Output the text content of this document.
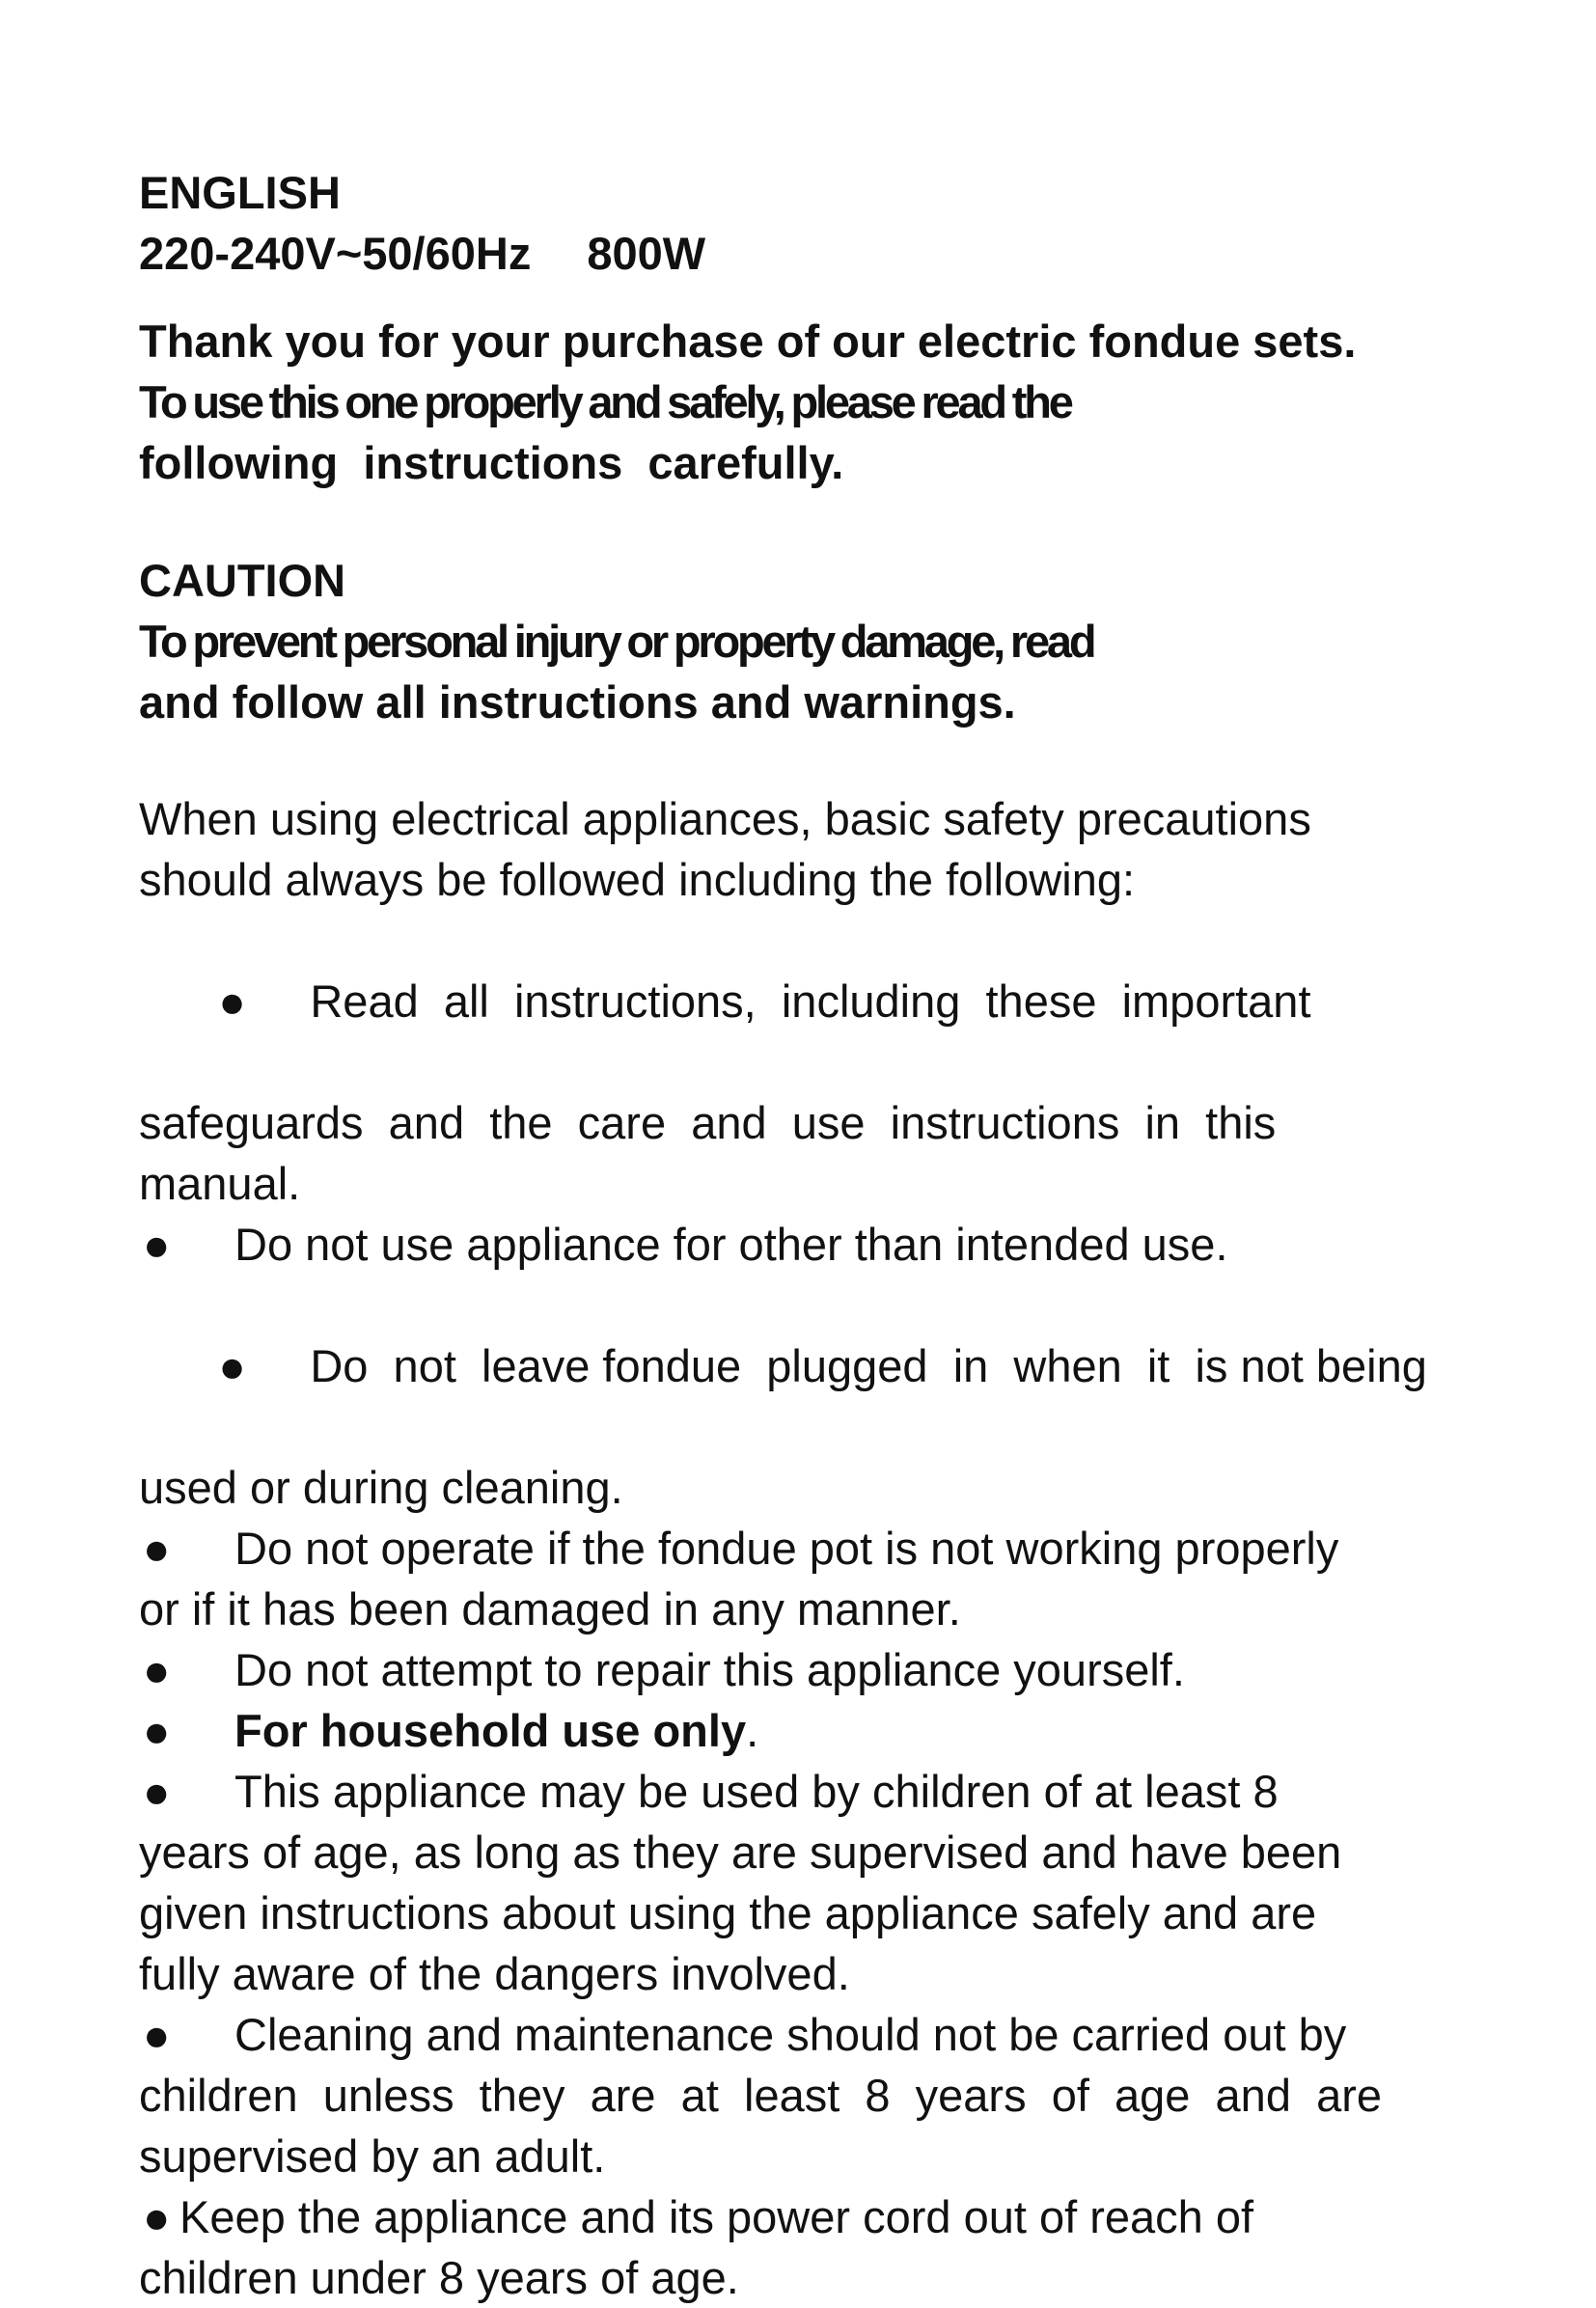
ENGLISH
220-240V~50/60Hz 800W
Thank you for your purchase of our electric fondue sets.
To use this one properly and safely, please read the
following  instructions  carefully.
CAUTION
To prevent personal injury or property damage, read
and follow all instructions and warnings.
When using electrical appliances, basic safety precautions
should always be followed including the following:

● Read  all  instructions,  including  these  important

safeguards  and  the  care  and  use  instructions  in  this
manual.
● Do not use appliance for other than intended use.

● Do  not  leave fondue  plugged  in  when  it  is not being

used or during cleaning.
● Do not operate if the fondue pot is not working properly
or if it has been damaged in any manner.
● Do not attempt to repair this appliance yourself.
● For household use only.
● This appliance may be used by children of at least 8
years of age, as long as they are supervised and have been
given instructions about using the appliance safely and are
fully aware of the dangers involved.
● Cleaning and maintenance should not be carried out by
children  unless  they  are  at  least  8  years  of  age  and  are
supervised by an adult.
● Keep the appliance and its power cord out of reach of
children under 8 years of age.
